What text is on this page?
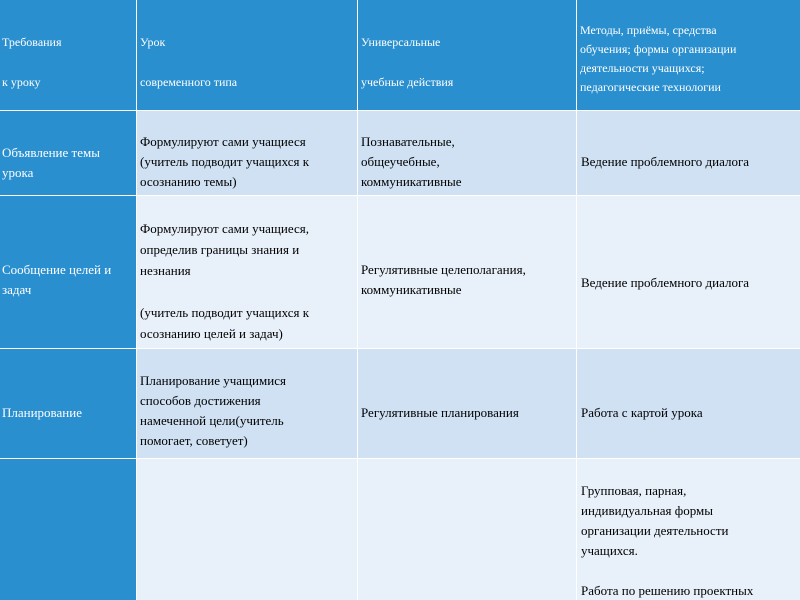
Требования
к уроку
Урок
современного типа
Универсальные
учебные действия
Методы, приёмы, средства
обучения; формы организации
деятельности учащихся;
педагогические технологии
Объявление темы
урока
Формулируют сами учащиеся
(учитель подводит учащихся к
осознанию темы)
Познавательные,
общеучебные,
коммуникативные
Ведение проблемного диалога
Сообщение целей и
задач
Формулируют сами учащиеся,
определив границы знания и
незнания
(учитель подводит учащихся к
осознанию целей и задач)
Регулятивные целеполагания,
коммуникативные	Ведение проблемного диалога
Планирование
Планирование учащимися
способов достижения
намеченной цели(учитель
помогает, советует)
Регулятивные планирования	Работа с картой урока
Групповая, парная,
индивидуальная формы
организации деятельности
учащихся.
Работа по решению проектных
